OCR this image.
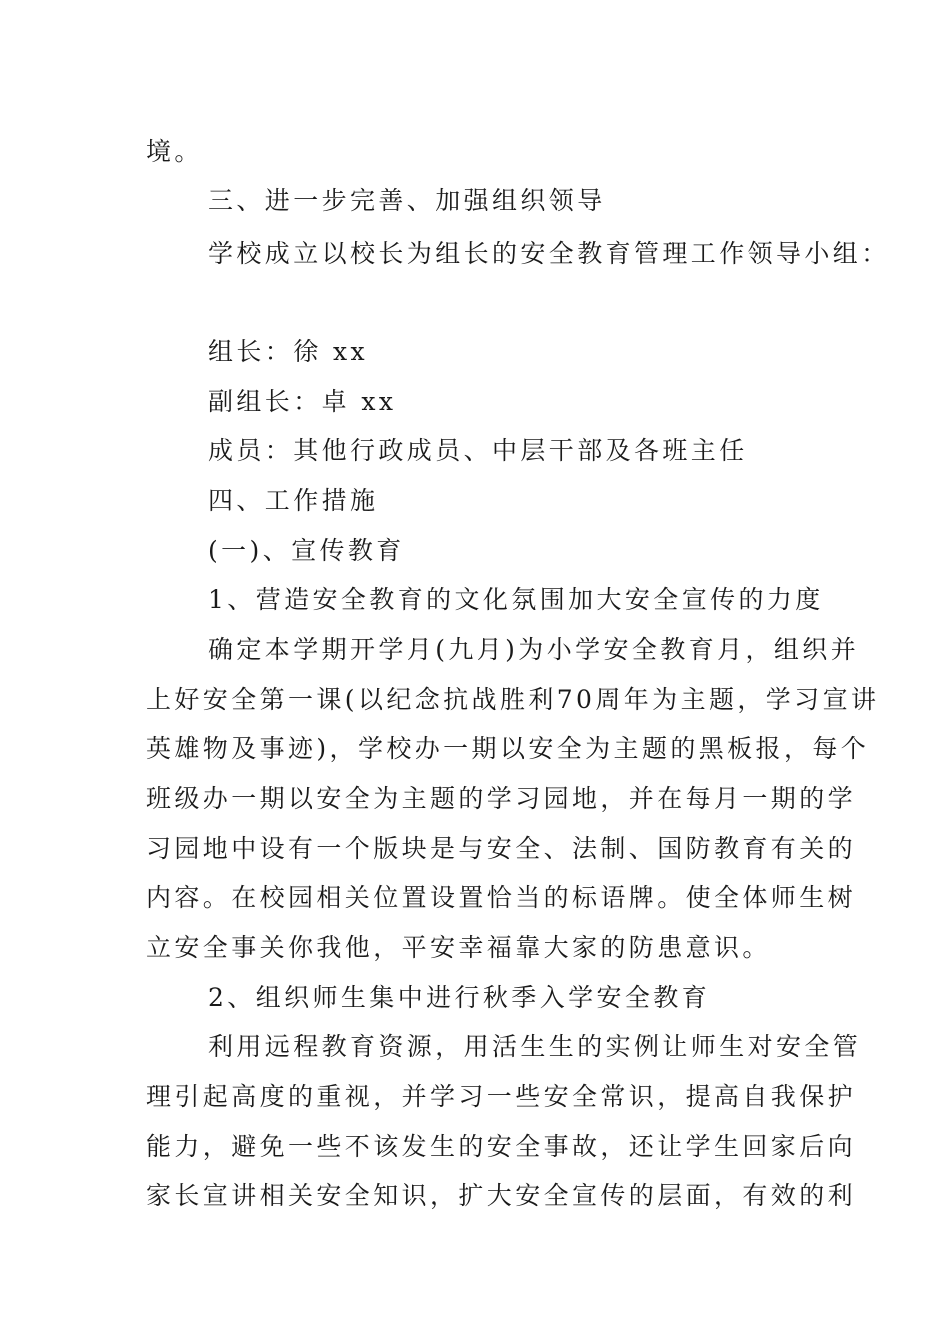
境。
三、进一步完善、加强组织领导
学校成立以校长为组长的安全教育管理工作领导小组：
组长：徐 xx
副组长：卓 xx
成员：其他行政成员、中层干部及各班主任
四、工作措施
(一)、宣传教育
1、营造安全教育的文化氛围加大安全宣传的力度
确定本学期开学月(九月)为小学安全教育月，组织并
上好安全第一课(以纪念抗战胜利70周年为主题，学习宣讲
英雄物及事迹)，学校办一期以安全为主题的黑板报，每个
班级办一期以安全为主题的学习园地，并在每月一期的学
习园地中设有一个版块是与安全、法制、国防教育有关的
内容。在校园相关位置设置恰当的标语牌。使全体师生树
立安全事关你我他，平安幸福靠大家的防患意识。
2、组织师生集中进行秋季入学安全教育
利用远程教育资源，用活生生的实例让师生对安全管
理引起高度的重视，并学习一些安全常识，提高自我保护
能力，避免一些不该发生的安全事故，还让学生回家后向
家长宣讲相关安全知识，扩大安全宣传的层面，有效的利
